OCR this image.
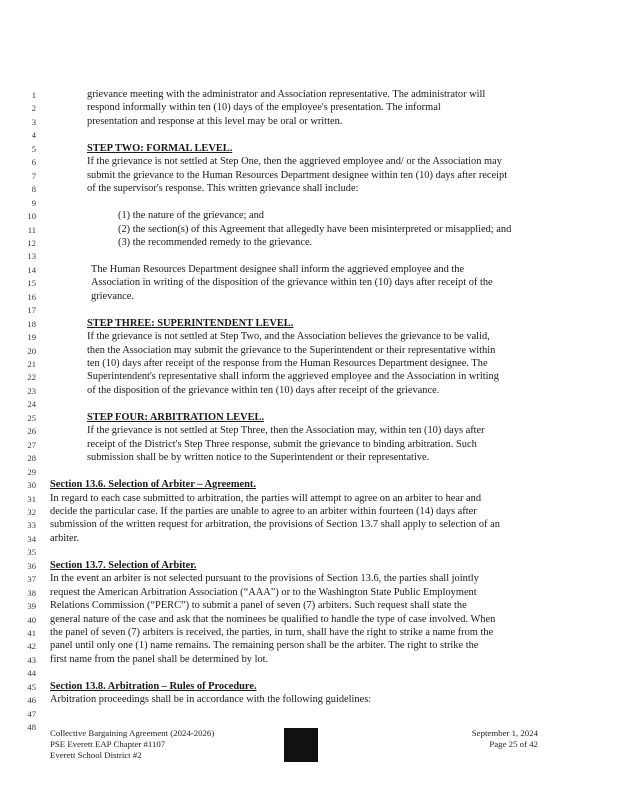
1	grievance meeting with the administrator and Association representative. The administrator will
2	respond informally within ten (10) days of the employee's presentation. The informal
3	presentation and response at this level may be oral or written.
4
5	STEP TWO: FORMAL LEVEL.
6	If the grievance is not settled at Step One, then the aggrieved employee and/ or the Association may
7	submit the grievance to the Human Resources Department designee within ten (10) days after receipt
8	of the supervisor's response. This written grievance shall include:
9
10	(1) the nature of the grievance; and
11	(2) the section(s) of this Agreement that allegedly have been misinterpreted or misapplied; and
12	(3) the recommended remedy to the grievance.
13
14	The Human Resources Department designee shall inform the aggrieved employee and the
15	Association in writing of the disposition of the grievance within ten (10) days after receipt of the
16	grievance.
17
18	STEP THREE: SUPERINTENDENT LEVEL.
19	If the grievance is not settled at Step Two, and the Association believes the grievance to be valid,
20	then the Association may submit the grievance to the Superintendent or their representative within
21	ten (10) days after receipt of the response from the Human Resources Department designee. The
22	Superintendent's representative shall inform the aggrieved employee and the Association in writing
23	of the disposition of the grievance within ten (10) days after receipt of the grievance.
24
25	STEP FOUR: ARBITRATION LEVEL.
26	If the grievance is not settled at Step Three, then the Association may, within ten (10) days after
27	receipt of the District's Step Three response, submit the grievance to binding arbitration. Such
28	submission shall be by written notice to the Superintendent or their representative.
29
30 Section 13.6. Selection of Arbiter – Agreement.
31 In regard to each case submitted to arbitration, the parties will attempt to agree on an arbiter to hear and
32 decide the particular case. If the parties are unable to agree to an arbiter within fourteen (14) days after
33 submission of the written request for arbitration, the provisions of Section 13.7 shall apply to selection of an
34 arbiter.
35
36 Section 13.7. Selection of Arbiter.
37 In the event an arbiter is not selected pursuant to the provisions of Section 13.6, the parties shall jointly
38 request the American Arbitration Association (“AAA”) or to the Washington State Public Employment
39 Relations Commission (“PERC”) to submit a panel of seven (7) arbiters. Such request shall state the
40 general nature of the case and ask that the nominees be qualified to handle the type of case involved. When
41 the panel of seven (7) arbiters is received, the parties, in turn, shall have the right to strike a name from the
42 panel until only one (1) name remains. The remaining person shall be the arbiter. The right to strike the
43 first name from the panel shall be determined by lot.
44
45 Section 13.8. Arbitration – Rules of Procedure.
46 Arbitration proceedings shall be in accordance with the following guidelines:
47
48
Collective Bargaining Agreement (2024-2026)
PSE Everett EAP Chapter #1107
Everett School District #2
September 1, 2024
Page 25 of 42
